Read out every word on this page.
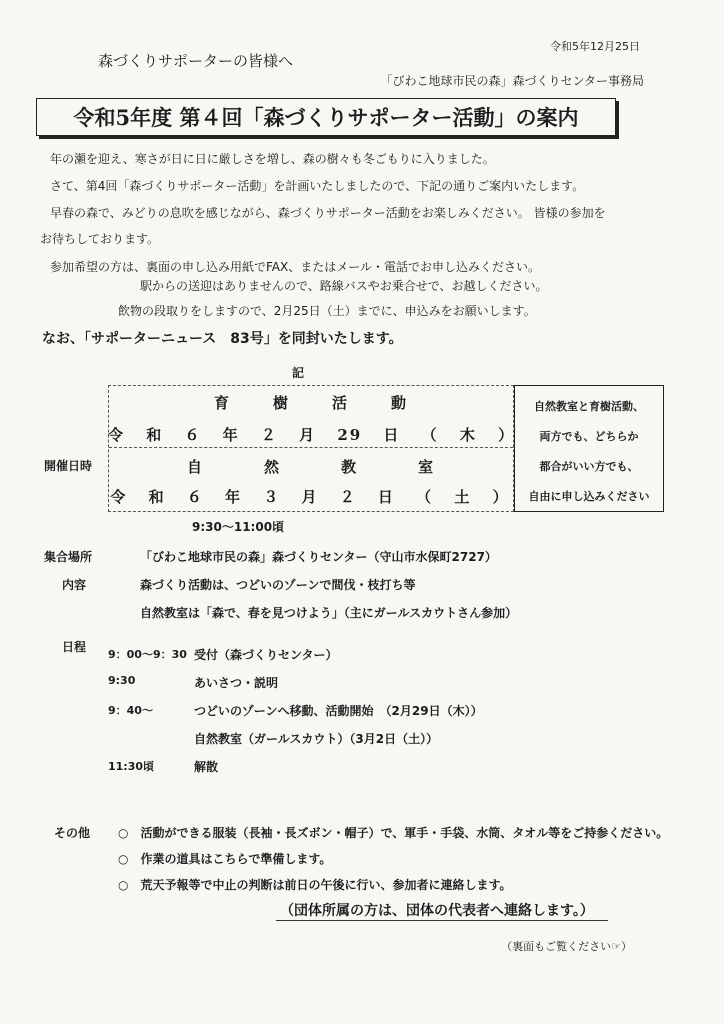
令和5年12月25日
森づくりサポーターの皆様へ
「びわこ地球市民の森」森づくりセンター事務局
令和5年度 第４回「森づくりサポーター活動」の案内
年の瀬を迎え、寒さが日に日に厳しさを増し、森の樹々も冬ごもりに入りました。
さて、第4回「森づくりサポーター活動」を計画いたしましたので、下記の通りご案内いたします。
早春の森で、みどりの息吹を感じながら、森づくりサポーター活動をお楽しみください。 皆様の参加を
お待ちしております。
参加希望の方は、裏面の申し込み用紙でFAX、またはメール・電話でお申し込みください。
駅からの送迎はありませんので、路線バスやお乗合せで、お越しください。
飲物の段取りをしますので、2月25日（土）までに、申込みをお願いします。
なお、「サポーターニュース　83号」を同封いたします。
記
開催日時
育樹活動
令 和 ６ 年 ２ 月 29 日 （ 木 ）
自然教室
令 和 ６ 年 ３ 月 ２ 日 （ 土 ）
自然教室と育樹活動、
両方でも、どちらか
都合がいい方でも、
自由に申し込みください
9:30～11:00頃
集合場所	「びわこ地球市民の森」森づくりセンター（守山市水保町2727）
内容	森づくり活動は、つどいのゾーンで間伐・枝打ち等
自然教室は「森で、春を見つけよう」（主にガールスカウトさん参加）
日程
9：00～9：30 受付（森づくりセンター）
9:30	あいさつ・説明
9：40～	つどいのゾーンへ移動、活動開始　（2月29日（木））
自然教室（ガールスカウト）（3月2日（土））
11:30頃	解散
その他 ○　活動ができる服装（長袖・長ズボン・帽子）で、軍手・手袋、水筒、タオル等をご持参ください。
○　作業の道具はこちらで準備します。
○　荒天予報等で中止の判断は前日の午後に行い、参加者に連絡します。
（団体所属の方は、団体の代表者へ連絡します。）
（裏面もご覧ください☞）
